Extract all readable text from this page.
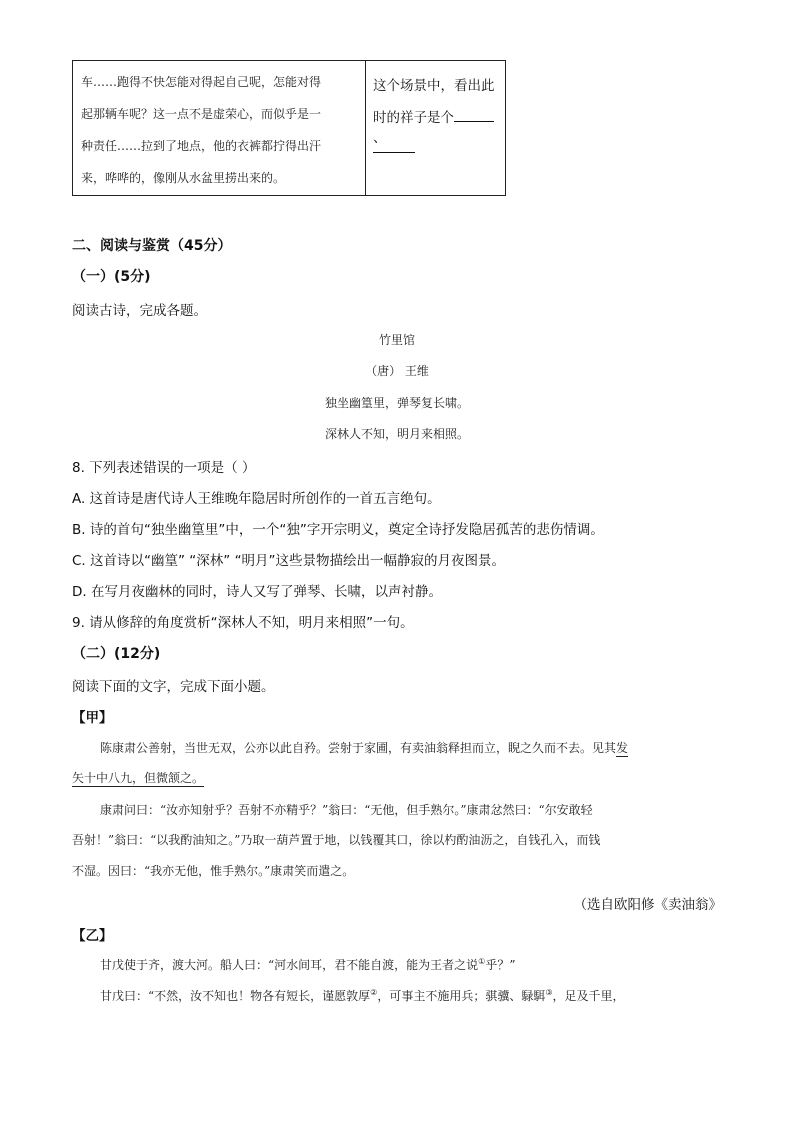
车……跑得不快怎能对得起自己呢，怎能对得
起那辆车呢？这一点不是虚荣心，而似乎是一
种责任……拉到了地点，他的衣裤都拧得出汗
来，哗哗的，像刚从水盆里捞出来的。
这个场景中，看出此
时的祥子是个、
二、阅读与鉴赏（45分）
（一）(5分)
阅读古诗，完成各题。
竹里馆
（唐） 王维
独坐幽篁里，弹琴复长啸。
深林人不知，明月来相照。
8. 下列表述错误的一项是（ ）
A. 这首诗是唐代诗人王维晚年隐居时所创作的一首五言绝句。
B. 诗的首句“独坐幽篁里”中，一个“独”字开宗明义，奠定全诗抒发隐居孤苦的悲伤情调。
C. 这首诗以“幽篁” “深林” “明月”这些景物描绘出一幅静寂的月夜图景。
D. 在写月夜幽林的同时，诗人又写了弹琴、长啸，以声衬静。
9. 请从修辞的角度赏析“深林人不知，明月来相照”一句。
（二）(12分)
阅读下面的文字，完成下面小题。
【甲】
陈康肃公善射，当世无双，公亦以此自矜。尝射于家圃，有卖油翁释担而立，睨之久而不去。见其发
矢十中八九，但微颔之。
康肃问曰：“汝亦知射乎？吾射不亦精乎？”翁曰：“无他，但手熟尔。”康肃忿然曰：“尔安敢轻
吾射！”翁曰：“以我酌油知之。”乃取一葫芦置于地，以钱覆其口，徐以杓酌油沥之，自钱孔入，而钱
不湿。因曰：“我亦无他，惟手熟尔。”康肃笑而遣之。
（选自欧阳修《卖油翁》
【乙】
甘戊使于齐，渡大河。船人曰：“河水间耳，君不能自渡，能为王者之说①乎？”
甘戊曰：“不然，汝不知也！物各有短长，谨愿敦厚②，可事主不施用兵；骐骥、騄駬③，足及千里，
